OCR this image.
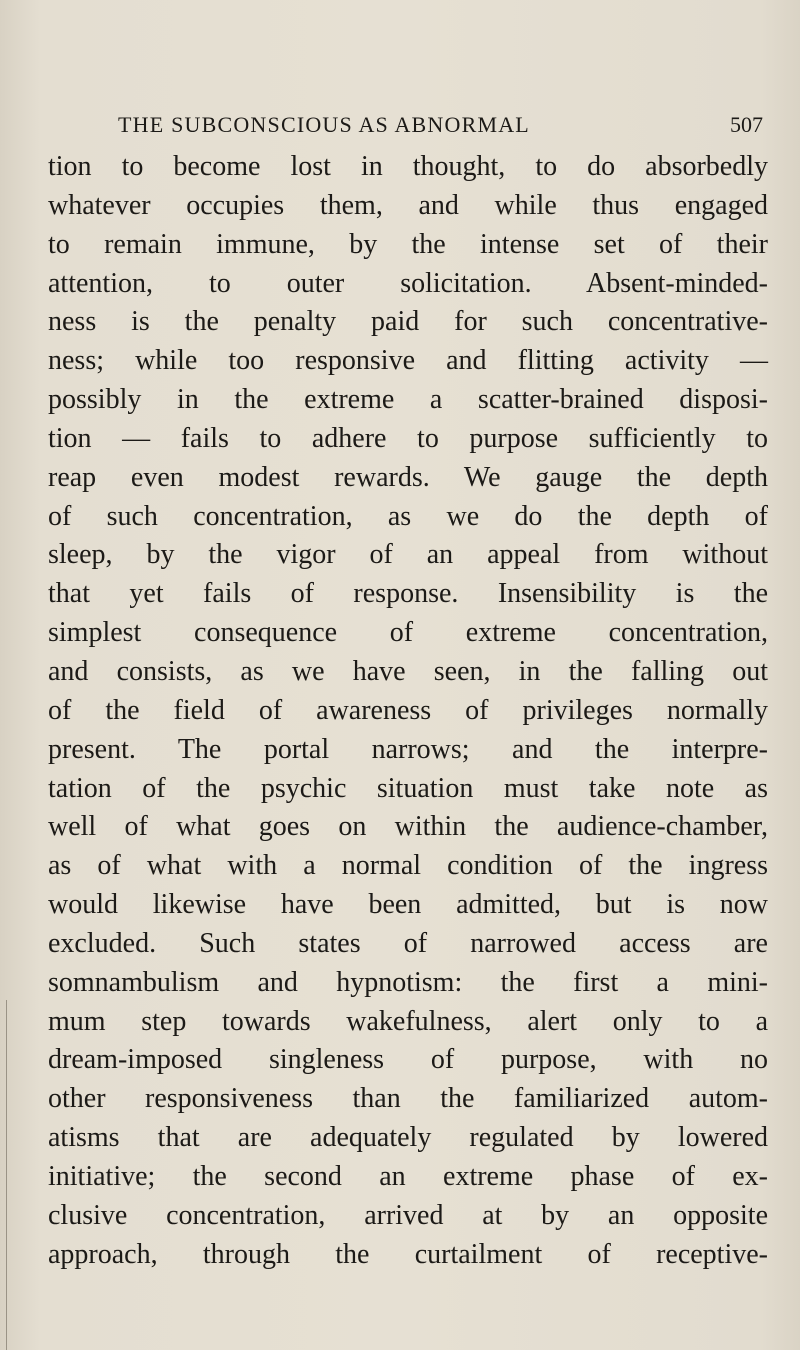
THE SUBCONSCIOUS AS ABNORMAL	507
tion to become lost in thought, to do absorbedly
whatever occupies them, and while thus engaged
to remain immune, by the intense set of their
attention, to outer solicitation. Absent-minded-
ness is the penalty paid for such concentrative-
ness; while too responsive and flitting activity —
possibly in the extreme a scatter-brained disposi-
tion — fails to adhere to purpose sufficiently to
reap even modest rewards. We gauge the depth
of such concentration, as we do the depth of
sleep, by the vigor of an appeal from without
that yet fails of response. Insensibility is the
simplest consequence of extreme concentration,
and consists, as we have seen, in the falling out
of the field of awareness of privileges normally
present. The portal narrows; and the interpre-
tation of the psychic situation must take note as
well of what goes on within the audience-chamber,
as of what with a normal condition of the ingress
would likewise have been admitted, but is now
excluded. Such states of narrowed access are
somnambulism and hypnotism: the first a mini-
mum step towards wakefulness, alert only to a
dream-imposed singleness of purpose, with no
other responsiveness than the familiarized autom-
atisms that are adequately regulated by lowered
initiative; the second an extreme phase of ex-
clusive concentration, arrived at by an opposite
approach, through the curtailment of receptive-
